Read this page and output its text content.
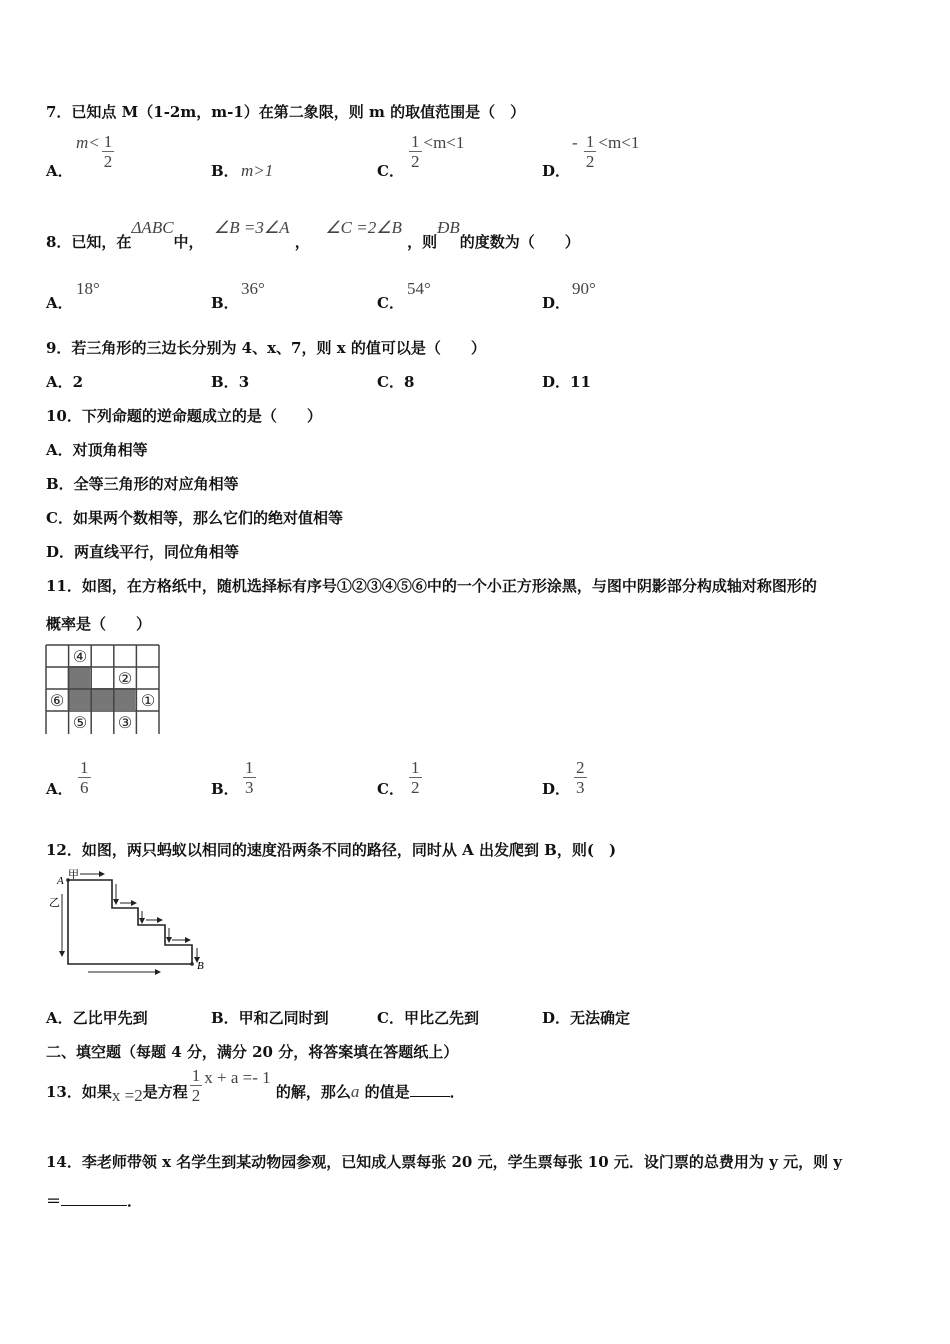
7．已知点 M（1-2m，m-1）在第二象限，则 m 的取值范围是（　）
A．$m< \frac{1}{2}$	B． m>1	C． $\frac{1}{2} <m<1$
D．- $\frac{1}{2} <m<1$
8．已知，在ΔABC中，  ∠B =3∠A ，   ∠C =2∠B ，则ÐB的度数为（　　）
A．18°
B．36°
C．54°
D．90°
9．若三角形的三边长分别为 4、x、7，则 x 的值可以是（　　）
A．2	B．3	C．8	D．11
10．下列命题的逆命题成立的是（　　）
A．对顶角相等
B．全等三角形的对应角相等
C．如果两个数相等，那么它们的绝对值相等
D．两直线平行，同位角相等
11．如图，在方格纸中，随机选择标有序号①②③④⑤⑥中的一个小正方形涂黑，与图中阴影部分构成轴对称图形的
概率是（　　）
④
②
⑥	①
⑤ ③
A． $\frac{1}{6}$	B． $\frac{1}{3}$	C． $\frac{1}{2}$	D． $\frac{2}{3}$
12．如图，两只蚂蚁以相同的速度沿两条不同的路径，同时从 A 出发爬到 B，则(　)
A
B
甲
乙
A．乙比甲先到	B．甲和乙同时到	C．甲比乙先到	D．无法确定
二、填空题（每题 4 分，满分 20 分，将答案填在答题纸上）
13．如果x =2是方程 $\frac{1}{2}$ x + a =- 1 的解，那么a 的值是	．
14．李老师带领 x 名学生到某动物园参观，已知成人票每张 20 元，学生票每张 10 元．设门票的总费用为 y 元，则 y
＝	．
